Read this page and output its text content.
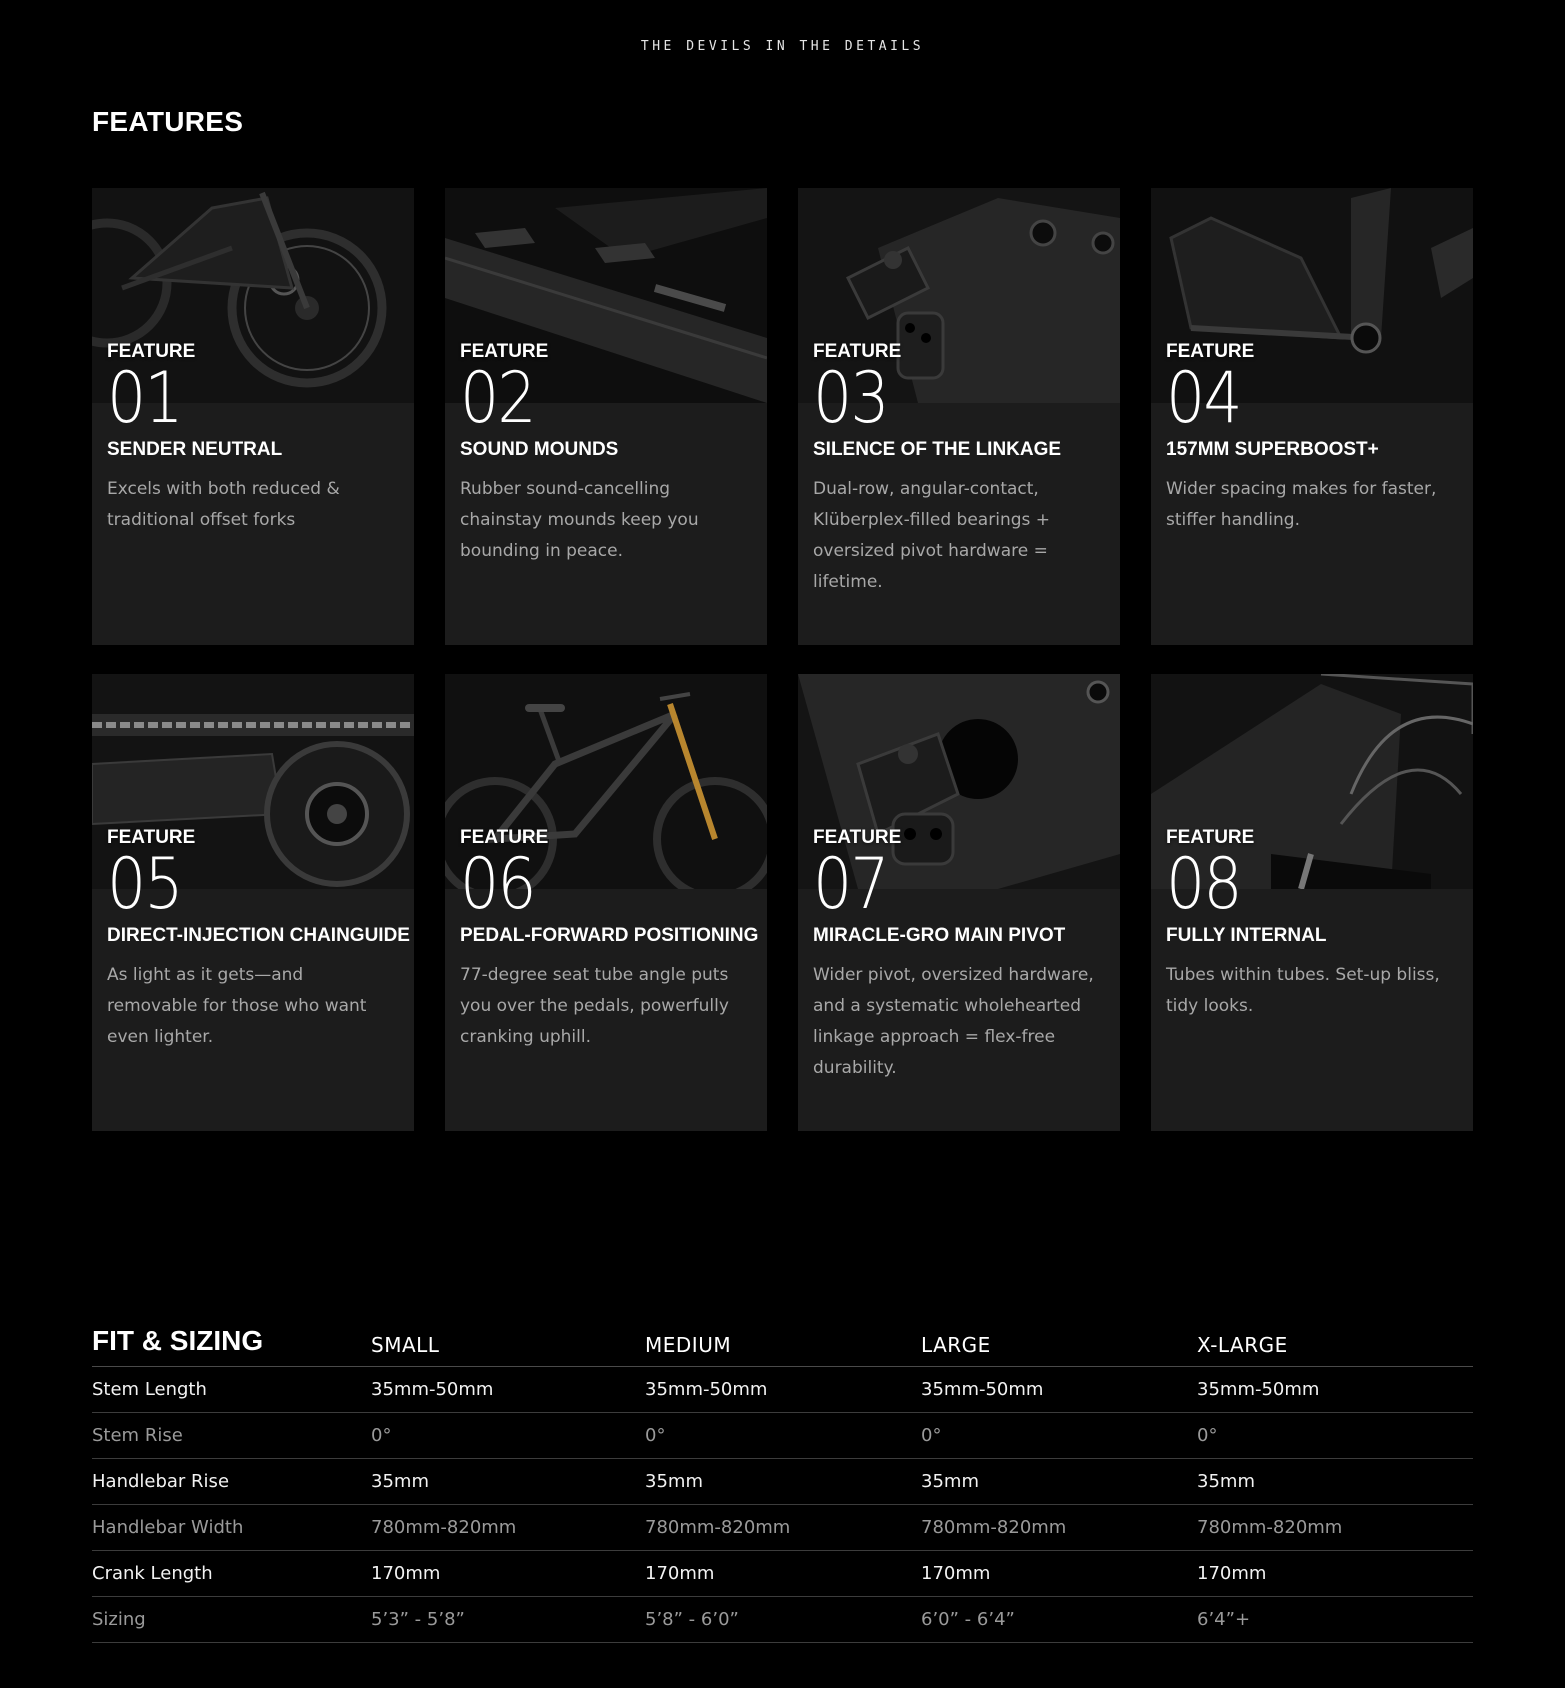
THE DEVILS IN THE DETAILS
FEATURES
FEATURE
01
SENDER NEUTRAL

Excels with both reduced & traditional offset forks

FEATURE
02
SOUND MOUNDS

Rubber sound-cancelling chainstay mounds keep you bounding in peace.

FEATURE
03
SILENCE OF THE LINKAGE

Dual-row, angular-contact, Klüberplex-filled bearings + oversized pivot hardware = lifetime.

FEATURE
04
157MM SUPERBOOST+

Wider spacing makes for faster, stiffer handling.

FEATURE
05
DIRECT-INJECTION CHAINGUIDE

As light as it gets—and removable for those who want even lighter.

FEATURE
06
PEDAL-FORWARD POSITIONING

77-degree seat tube angle puts you over the pedals, powerfully cranking uphill.

FEATURE
07
MIRACLE-GRO MAIN PIVOT

Wider pivot, oversized hardware, and a systematic wholehearted linkage approach = flex-free durability.

FEATURE
08
FULLY INTERNAL

Tubes within tubes. Set-up bliss, tidy looks.

FIT & SIZING	SMALL	MEDIUM	LARGE	X-LARGE
Stem Length	35mm-50mm	35mm-50mm	35mm-50mm	35mm-50mm
Stem Rise	0°	0°	0°	0°
Handlebar Rise	35mm	35mm	35mm	35mm
Handlebar Width	780mm-820mm	780mm-820mm	780mm-820mm	780mm-820mm
Crank Length	170mm	170mm	170mm	170mm
Sizing	5’3” - 5’8”	5’8” - 6’0”	6’0” - 6’4”	6’4”+
